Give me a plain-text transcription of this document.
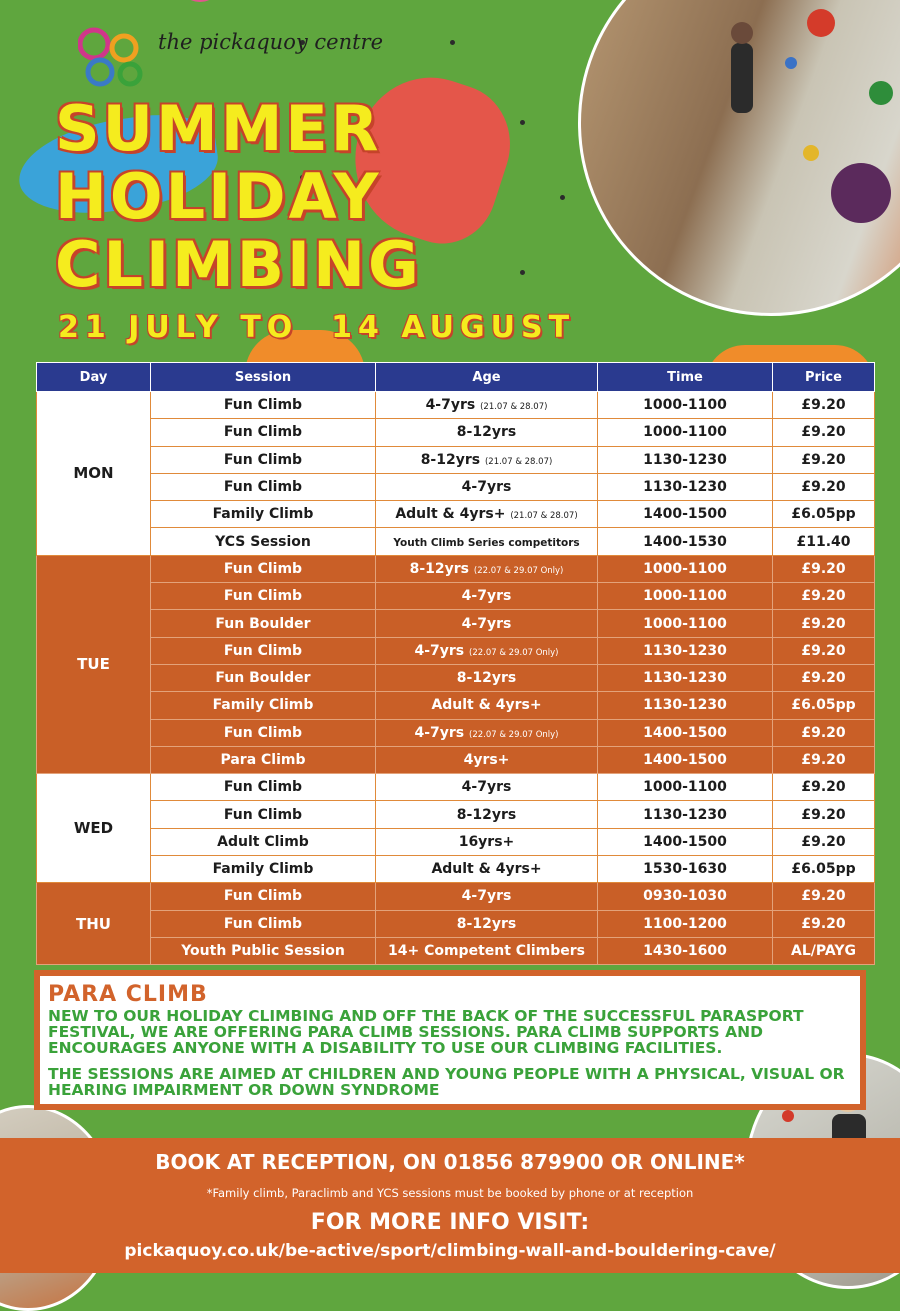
the pickaquoy centre
SUMMER
HOLIDAY
CLIMBING
21 JULY TO  14 AUGUST
Day	Session	Age	Time	Price
MON	Fun Climb	4-7yrs (21.07 & 28.07)	1000-1100	£9.20
	Fun Climb	8-12yrs	1000-1100	£9.20
	Fun Climb	8-12yrs (21.07 & 28.07)	1130-1230	£9.20
	Fun Climb	4-7yrs	1130-1230	£9.20
	Family Climb	Adult & 4yrs+ (21.07 & 28.07)	1400-1500	£6.05pp
	YCS Session	Youth Climb Series competitors	1400-1530	£11.40
TUE	Fun Climb	8-12yrs (22.07 & 29.07 Only)	1000-1100	£9.20
	Fun Climb	4-7yrs	1000-1100	£9.20
	Fun Boulder	4-7yrs	1000-1100	£9.20
	Fun Climb	4-7yrs (22.07 & 29.07 Only)	1130-1230	£9.20
	Fun Boulder	8-12yrs	1130-1230	£9.20
	Family Climb	Adult & 4yrs+	1130-1230	£6.05pp
	Fun Climb	4-7yrs (22.07 & 29.07 Only)	1400-1500	£9.20
	Para Climb	4yrs+	1400-1500	£9.20
WED	Fun Climb	4-7yrs	1000-1100	£9.20
	Fun Climb	8-12yrs	1130-1230	£9.20
	Adult Climb	16yrs+	1400-1500	£9.20
	Family Climb	Adult & 4yrs+	1530-1630	£6.05pp
THU	Fun Climb	4-7yrs	0930-1030	£9.20
	Fun Climb	8-12yrs	1100-1200	£9.20
	Youth Public Session	14+ Competent Climbers	1430-1600	AL/PAYG
PARA CLIMB
NEW TO OUR HOLIDAY CLIMBING AND OFF THE BACK OF THE SUCCESSFUL PARASPORT FESTIVAL, WE ARE OFFERING PARA CLIMB SESSIONS. PARA CLIMB SUPPORTS AND ENCOURAGES ANYONE WITH A DISABILITY TO USE OUR CLIMBING FACILITIES.
THE SESSIONS ARE AIMED AT CHILDREN AND YOUNG PEOPLE WITH A PHYSICAL, VISUAL OR HEARING IMPAIRMENT OR DOWN SYNDROME
BOOK AT RECEPTION, ON 01856 879900 OR ONLINE*
*Family climb, Paraclimb and YCS sessions must be booked by phone or at reception
FOR MORE INFO VISIT:
pickaquoy.co.uk/be-active/sport/climbing-wall-and-bouldering-cave/
